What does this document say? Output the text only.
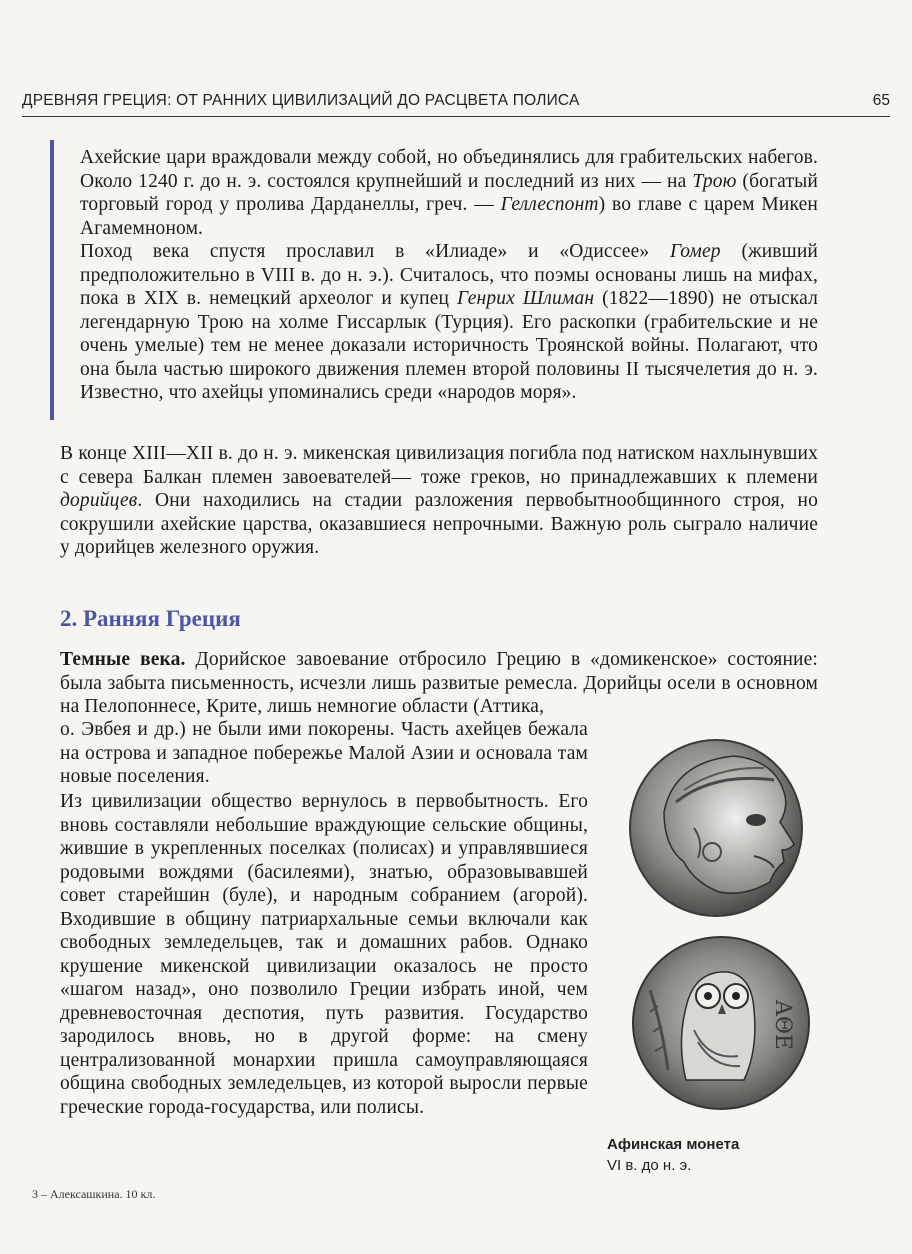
ДРЕВНЯЯ ГРЕЦИЯ: ОТ РАННИХ ЦИВИЛИЗАЦИЙ ДО РАСЦВЕТА ПОЛИСА	65

Ахейские цари враждовали между собой, но объединялись для грабительских набегов. Около 1240 г. до н. э. состоялся крупнейший и последний из них — на Трою (богатый торговый город у пролива Дарданеллы, греч. — Геллеспонт) во главе с царем Микен Агамемноном.

Поход века спустя прославил в «Илиаде» и «Одиссее» Гомер (живший предположительно в VIII в. до н. э.). Считалось, что поэмы основаны лишь на мифах, пока в XIX в. немецкий археолог и купец Генрих Шлиман (1822—1890) не отыскал легендарную Трою на холме Гиссарлык (Турция). Его раскопки (грабительские и не очень умелые) тем не менее доказали историчность Троянской войны. Полагают, что она была частью широкого движения племен второй половины II тысячелетия до н. э. Известно, что ахейцы упоминались среди «народов моря».

В конце XIII—XII в. до н. э. микенская цивилизация погибла под натиском нахлынувших с севера Балкан племен завоевателей— тоже греков, но принадлежавших к племени дорийцев. Они находились на стадии разложения первобытнообщинного строя, но сокрушили ахейские царства, оказавшиеся непрочными. Важную роль сыграло наличие у дорийцев железного оружия.

2. Ранняя Греция

Темные века. Дорийское завоевание отбросило Грецию в «домикенское» состояние: была забыта письменность, исчезли лишь развитые ремесла. Дорийцы осели в основном на Пелопоннесе, Крите, лишь немногие области (Аттика,

о. Эвбея и др.) не были ими покорены. Часть ахейцев бежала на острова и западное побережье Малой Азии и основала там новые поселения.

Из цивилизации общество вернулось в первобытность. Его вновь составляли небольшие враждующие сельские общины, жившие в укрепленных поселках (полисах) и управлявшиеся родовыми вождями (басилеями), знатью, образовывавшей совет старейшин (буле), и народным собранием (агорой). Входившие в общину патриархальные семьи включали как свободных земледельцев, так и домашних рабов. Однако крушение микенской цивилизации оказалось не просто «шагом назад», оно позволило Греции избрать иной, чем древневосточная деспотия, путь развития. Государство зародилось вновь, но в другой форме: на смену централизованной монархии пришла самоуправляющаяся община свободных земледельцев, из которой выросли первые греческие города-государства, или полисы.

ΑΘΕ
Афинская монета
VI в. до н. э.
3 – Алексашкина. 10 кл.
